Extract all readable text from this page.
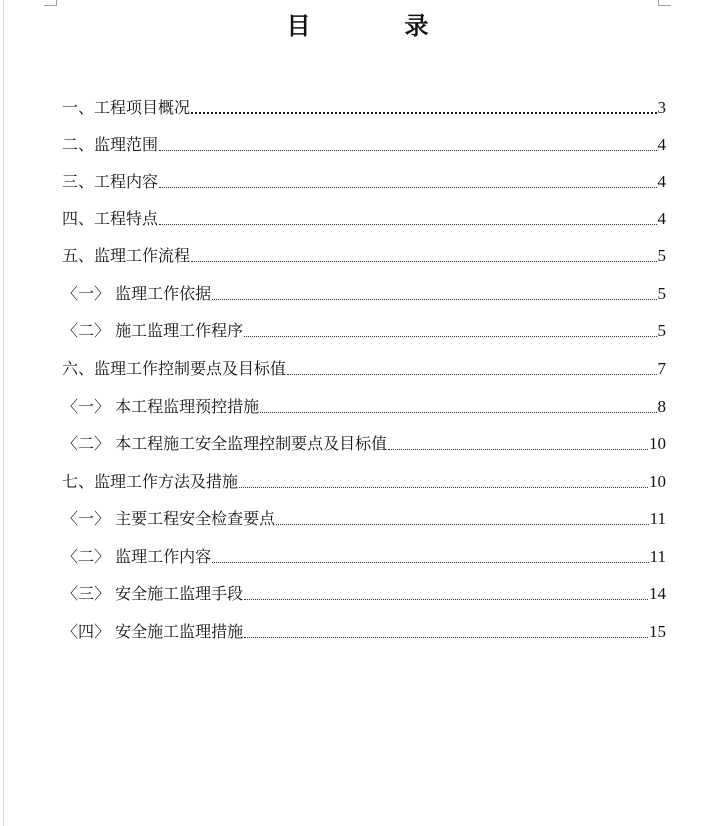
目	录
一、工程项目概况	3
二、监理范围	4
三、工程内容	4
四、工程特点	4
五、监理工作流程	5
〈一〉 监理工作依据	5
〈二〉 施工监理工作程序	5
六、监理工作控制要点及目标值	7
〈一〉 本工程监理预控措施	8
〈二〉 本工程施工安全监理控制要点及目标值	10
七、监理工作方法及措施	10
〈一〉 主要工程安全检查要点	11
〈二〉 监理工作内容	11
〈三〉 安全施工监理手段	14
〈四〉 安全施工监理措施	15
